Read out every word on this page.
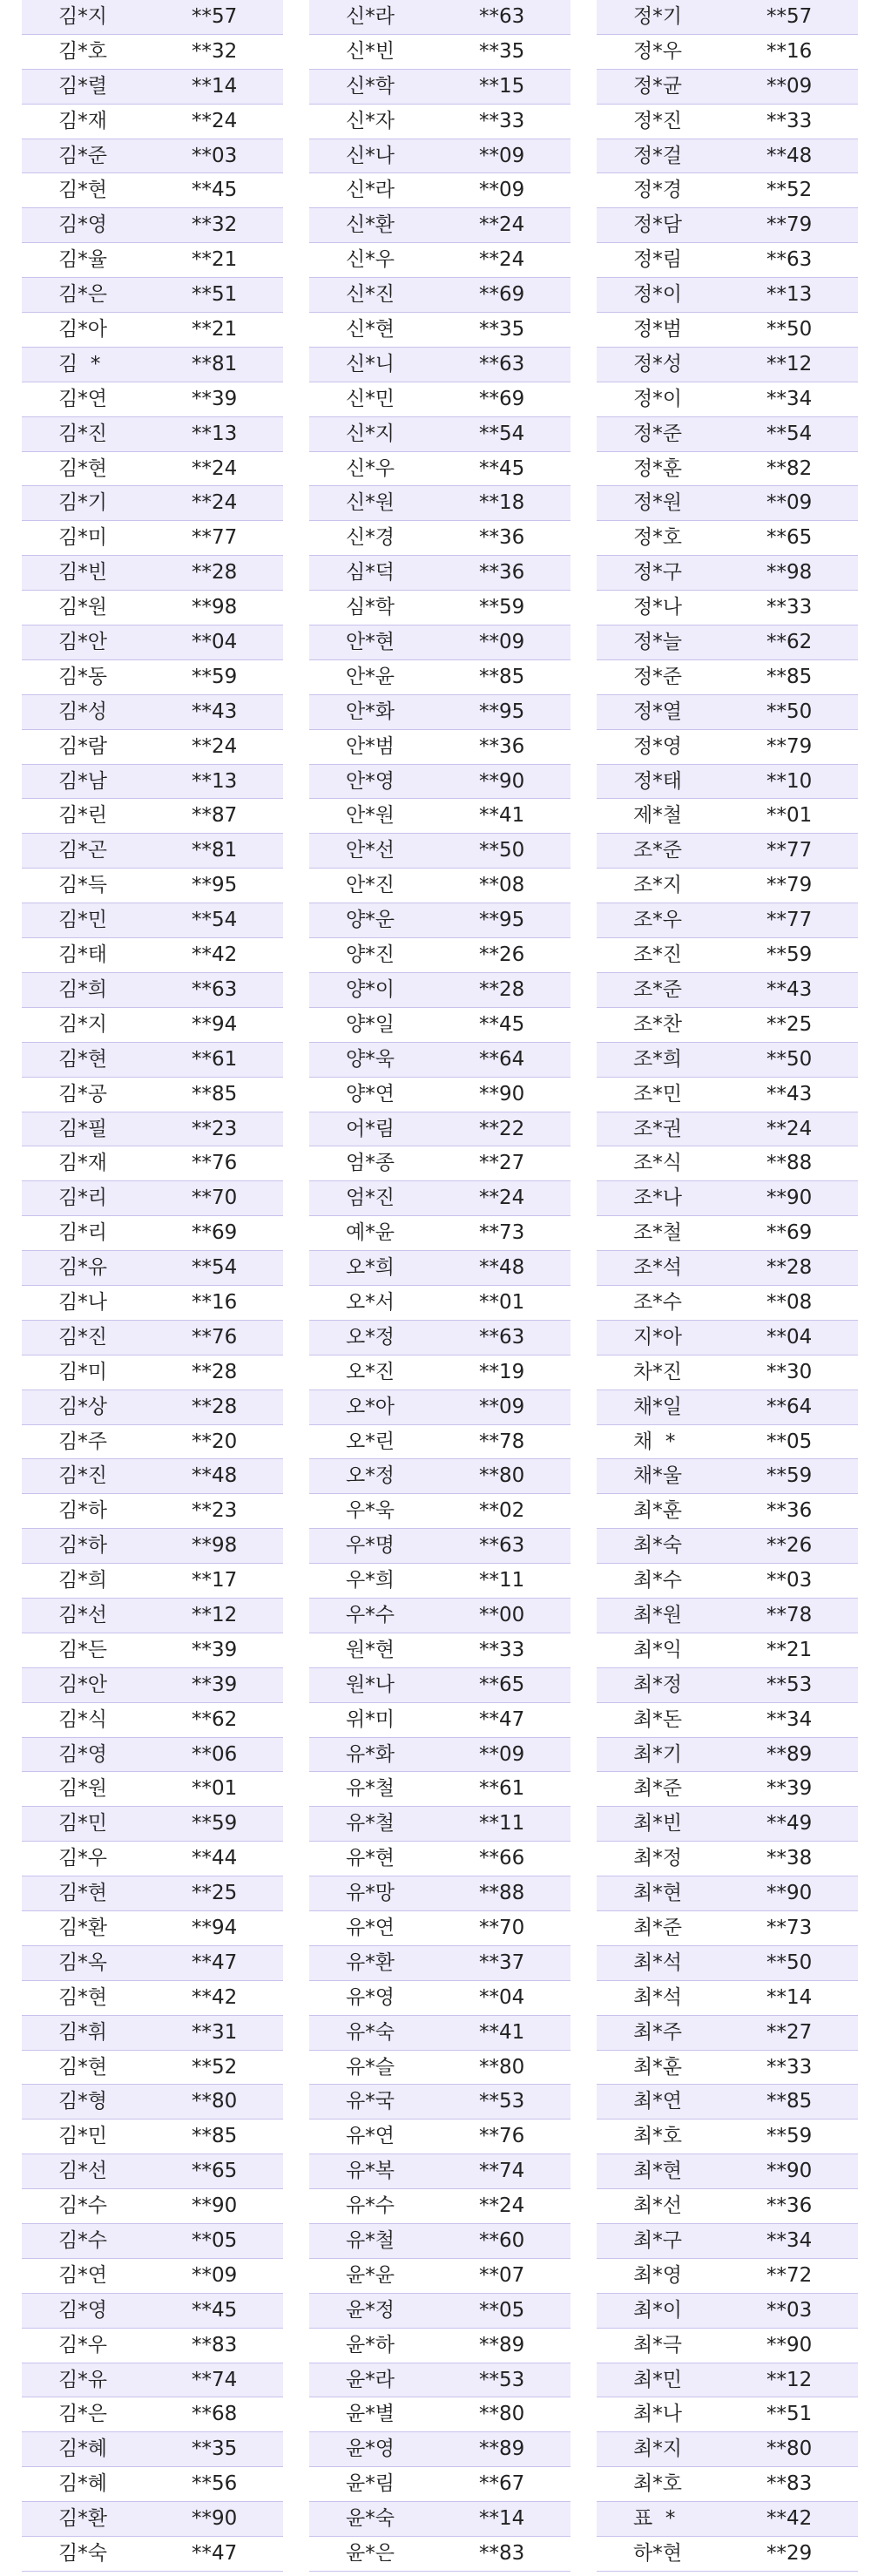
김*지	**57
김*호	**32
김*렬	**14
김*재	**24
김*준	**03
김*현	**45
김*영	**32
김*율	**21
김*은	**51
김*아	**21
김  *	**81
김*연	**39
김*진	**13
김*현	**24
김*기	**24
김*미	**77
김*빈	**28
김*원	**98
김*안	**04
김*동	**59
김*성	**43
김*람	**24
김*남	**13
김*린	**87
김*곤	**81
김*득	**95
김*민	**54
김*태	**42
김*희	**63
김*지	**94
김*현	**61
김*공	**85
김*필	**23
김*재	**76
김*리	**70
김*리	**69
김*유	**54
김*나	**16
김*진	**76
김*미	**28
김*상	**28
김*주	**20
김*진	**48
김*하	**23
김*하	**98
김*희	**17
김*선	**12
김*든	**39
김*안	**39
김*식	**62
김*영	**06
김*원	**01
김*민	**59
김*우	**44
김*현	**25
김*환	**94
김*옥	**47
김*현	**42
김*휘	**31
김*현	**52
김*형	**80
김*민	**85
김*선	**65
김*수	**90
김*수	**05
김*연	**09
김*영	**45
김*우	**83
김*유	**74
김*은	**68
김*혜	**35
김*혜	**56
김*환	**90
김*숙	**47
신*라	**63
신*빈	**35
신*학	**15
신*자	**33
신*나	**09
신*라	**09
신*환	**24
신*우	**24
신*진	**69
신*현	**35
신*니	**63
신*민	**69
신*지	**54
신*우	**45
신*원	**18
신*경	**36
심*덕	**36
심*학	**59
안*현	**09
안*윤	**85
안*화	**95
안*범	**36
안*영	**90
안*원	**41
안*선	**50
안*진	**08
양*운	**95
양*진	**26
양*이	**28
양*일	**45
양*욱	**64
양*연	**90
어*림	**22
엄*종	**27
엄*진	**24
예*윤	**73
오*희	**48
오*서	**01
오*정	**63
오*진	**19
오*아	**09
오*린	**78
오*정	**80
우*욱	**02
우*명	**63
우*희	**11
우*수	**00
원*현	**33
원*나	**65
위*미	**47
유*화	**09
유*철	**61
유*철	**11
유*현	**66
유*망	**88
유*연	**70
유*환	**37
유*영	**04
유*숙	**41
유*슬	**80
유*국	**53
유*연	**76
유*복	**74
유*수	**24
유*철	**60
윤*윤	**07
윤*정	**05
윤*하	**89
윤*라	**53
윤*별	**80
윤*영	**89
윤*림	**67
윤*숙	**14
윤*은	**83
정*기	**57
정*우	**16
정*균	**09
정*진	**33
정*걸	**48
정*경	**52
정*담	**79
정*림	**63
정*이	**13
정*범	**50
정*성	**12
정*이	**34
정*준	**54
정*훈	**82
정*원	**09
정*호	**65
정*구	**98
정*나	**33
정*늘	**62
정*준	**85
정*열	**50
정*영	**79
정*태	**10
제*철	**01
조*준	**77
조*지	**79
조*우	**77
조*진	**59
조*준	**43
조*찬	**25
조*희	**50
조*민	**43
조*권	**24
조*식	**88
조*나	**90
조*철	**69
조*석	**28
조*수	**08
지*아	**04
차*진	**30
채*일	**64
채  *	**05
채*울	**59
최*훈	**36
최*숙	**26
최*수	**03
최*원	**78
최*익	**21
최*정	**53
최*돈	**34
최*기	**89
최*준	**39
최*빈	**49
최*정	**38
최*현	**90
최*준	**73
최*석	**50
최*석	**14
최*주	**27
최*훈	**33
최*연	**85
최*호	**59
최*현	**90
최*선	**36
최*구	**34
최*영	**72
최*이	**03
최*극	**90
최*민	**12
최*나	**51
최*지	**80
최*호	**83
표  *	**42
하*현	**29
